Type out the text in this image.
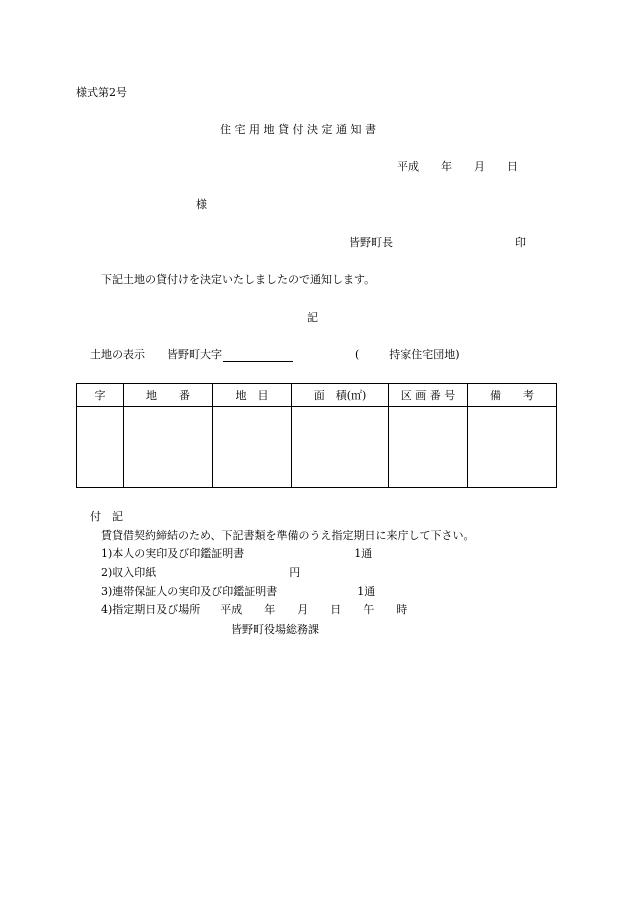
様式第2号
住 宅 用 地 貸 付 決 定 通 知 書
平成　　年　　月　　日
様
皆野町長	印
下記土地の貸付けを決定いたしましたので通知します。
記
土地の表示 皆野町大字	(	持家住宅団地)
字	地　　番	地　目	面　積(㎡)	区 画 番 号	備　　考

付　記
賃貸借契約締結のため、下記書類を準備のうえ指定期日に来庁して下さい。
1)本人の実印及び印鑑証明書	1通
2)収入印紙	円
3)連帯保証人の実印及び印鑑証明書	1通
4)指定期日及び場所 平成　　年　　月　　日　　午　　時
皆野町役場総務課
